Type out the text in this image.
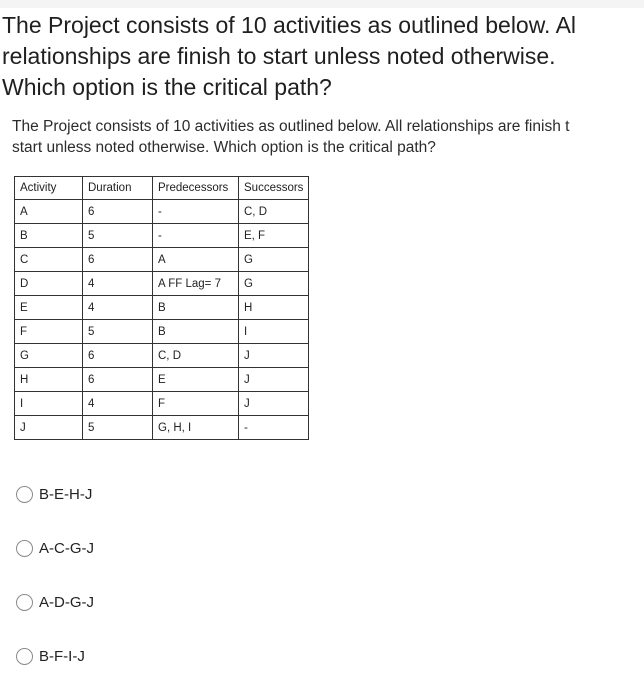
The Project consists of 10 activities as outlined below. Al
relationships are finish to start unless noted otherwise.
Which option is the critical path?
The Project consists of 10 activities as outlined below. All relationships are finish t
start unless noted otherwise. Which option is the critical path?
Activity	Duration	Predecessors	Successors
A	6	-	C, D
B	5	-	E, F
C	6	A	G
D	4	A FF Lag= 7	G
E	4	B	H
F	5	B	I
G	6	C, D	J
H	6	E	J
I	4	F	J
J	5	G, H, I	-
B-E-H-J
A-C-G-J
A-D-G-J
B-F-I-J
